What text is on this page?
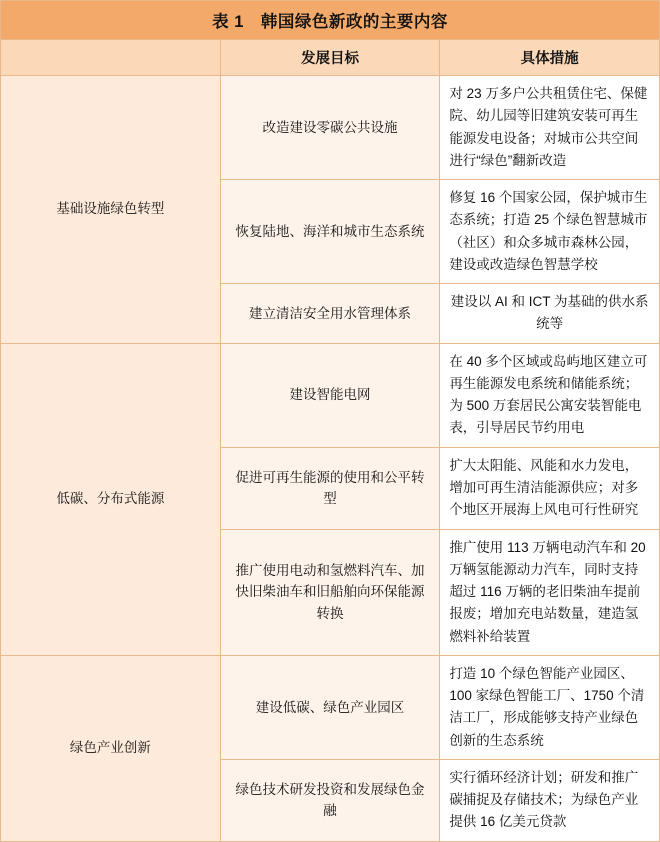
表 1　韩国绿色新政的主要内容		
	发展目标	具体措施
基础设施绿色转型	改造建设零碳公共设施	对 23 万多户公共租赁住宅、保健院、幼儿园等旧建筑安装可再生能源发电设备；对城市公共空间进行“绿色”翻新改造
	恢复陆地、海洋和城市生态系统	修复 16 个国家公园，保护城市生态系统；打造 25 个绿色智慧城市（社区）和众多城市森林公园，建设或改造绿色智慧学校
	建立清洁安全用水管理体系	建设以 AI 和 ICT 为基础的供水系统等
低碳、分布式能源	建设智能电网	在 40 多个区域或岛屿地区建立可再生能源发电系统和储能系统；为 500 万套居民公寓安装智能电表，引导居民节约用电
	促进可再生能源的使用和公平转型	扩大太阳能、风能和水力发电，增加可再生清洁能源供应；对多个地区开展海上风电可行性研究
	推广使用电动和氢燃料汽车、加快旧柴油车和旧船舶向环保能源转换	推广使用 113 万辆电动汽车和 20 万辆氢能源动力汽车，同时支持超过 116 万辆的老旧柴油车提前报废；增加充电站数量，建造氢燃料补给装置
绿色产业创新	建设低碳、绿色产业园区	打造 10 个绿色智能产业园区、100 家绿色智能工厂、1750 个清洁工厂，形成能够支持产业绿色创新的生态系统
	绿色技术研发投资和发展绿色金融	实行循环经济计划；研发和推广碳捕捉及存储技术；为绿色产业提供 16 亿美元贷款
